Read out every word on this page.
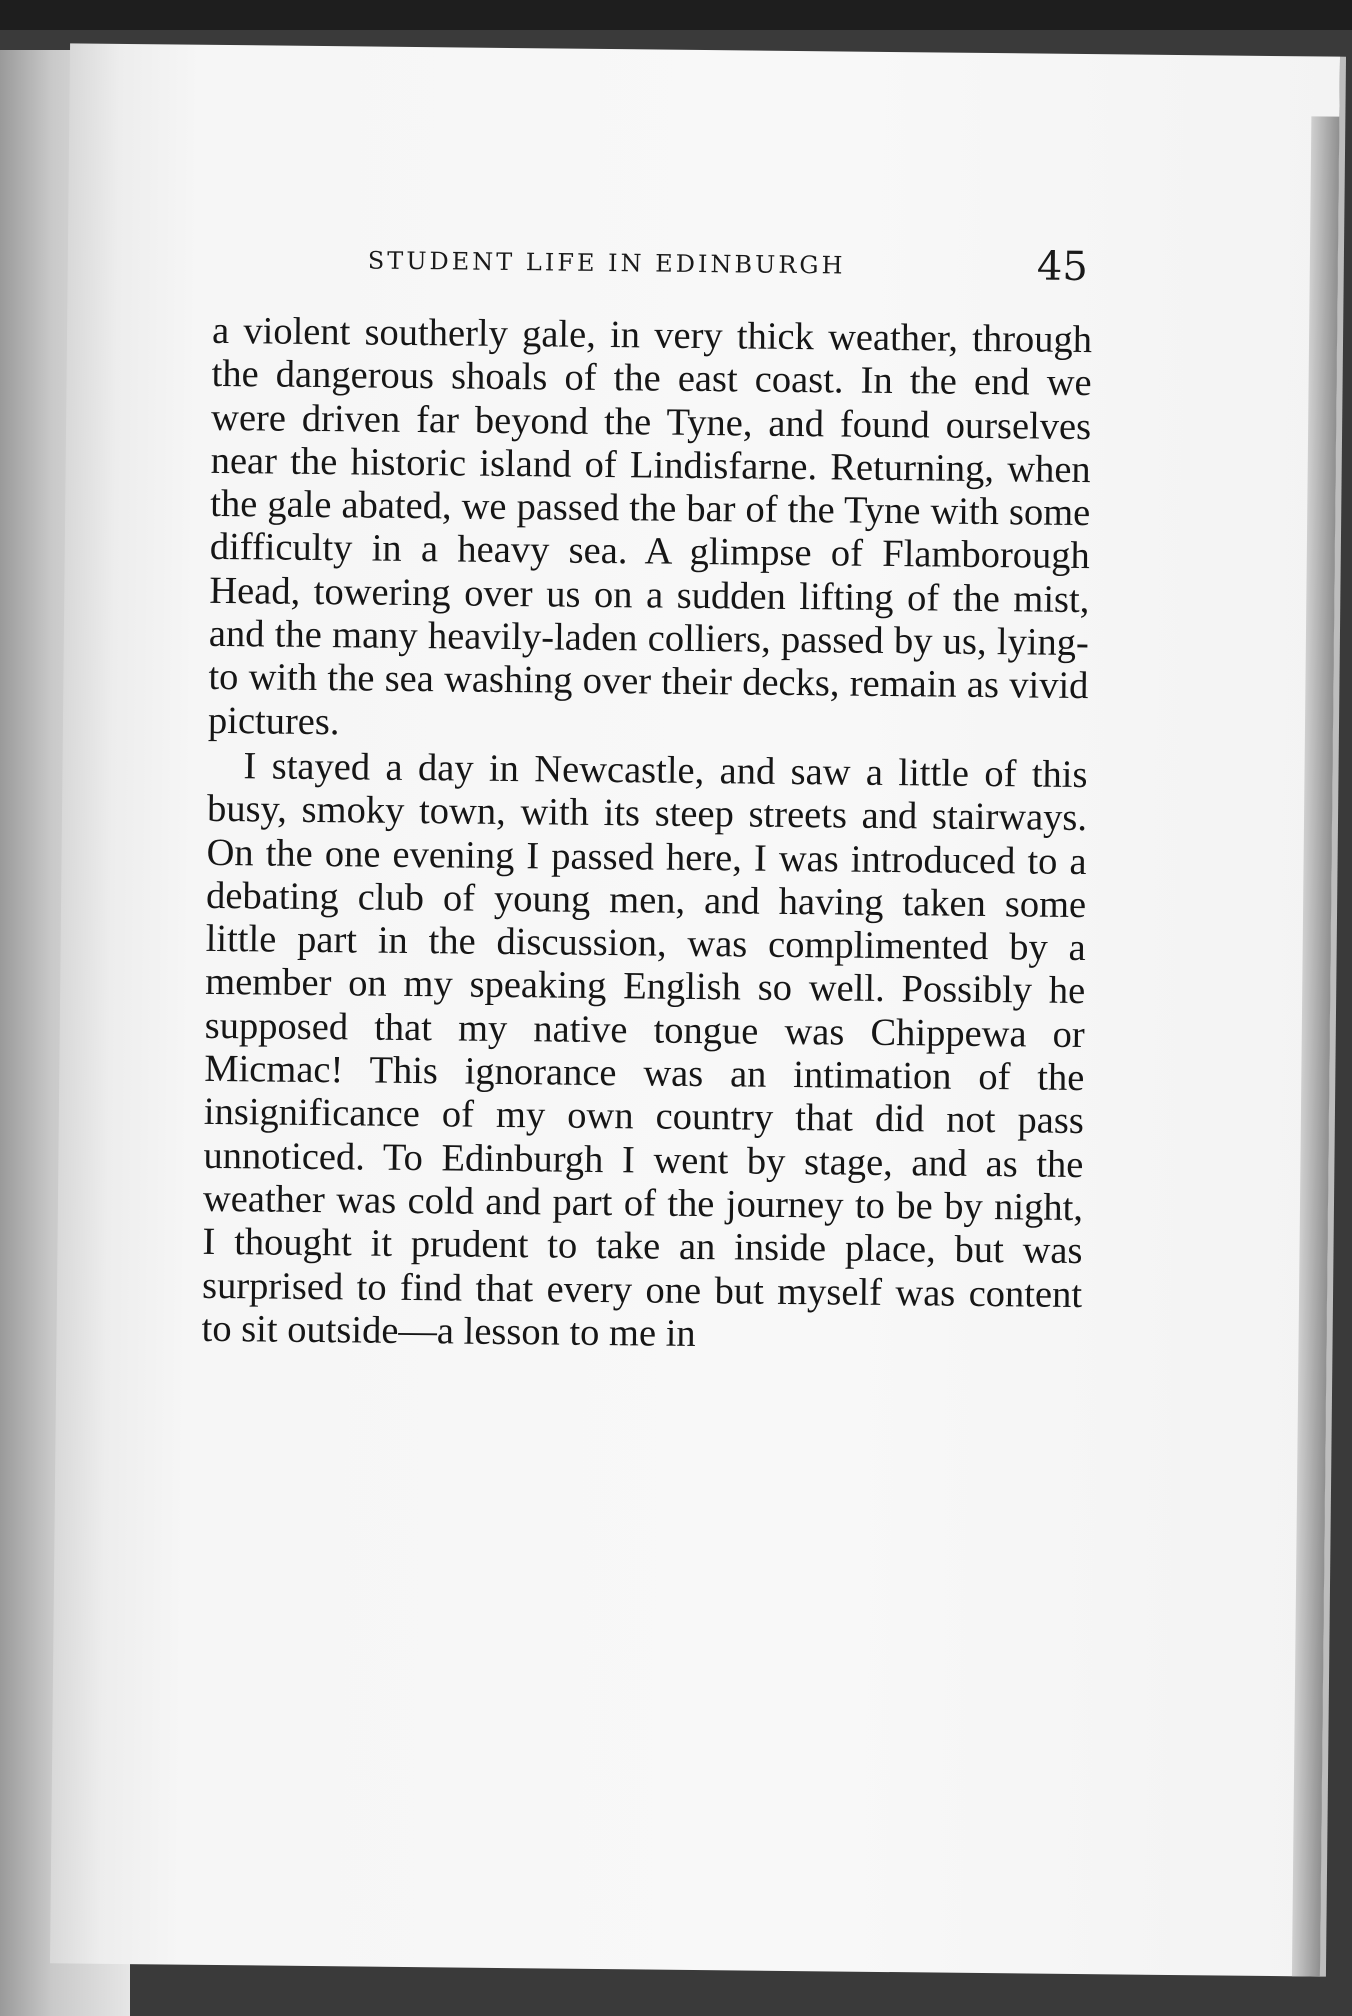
STUDENT LIFE IN EDINBURGH	45

a violent southerly gale, in very thick weather, through the dangerous shoals of the east coast. In the end we were driven far beyond the Tyne, and found ourselves near the historic island of Lindisfarne. Returning, when the gale abated, we passed the bar of the Tyne with some difficulty in a heavy sea. A glimpse of Flamborough Head, towering over us on a sudden lifting of the mist, and the many heavily-laden colliers, passed by us, lying-to with the sea washing over their decks, remain as vivid pictures.

I stayed a day in Newcastle, and saw a little of this busy, smoky town, with its steep streets and stairways. On the one evening I passed here, I was introduced to a debating club of young men, and having taken some little part in the discussion, was complimented by a member on my speaking English so well. Possibly he supposed that my native tongue was Chippewa or Micmac! This ignorance was an intimation of the insignificance of my own country that did not pass unnoticed. To Edinburgh I went by stage, and as the weather was cold and part of the journey to be by night, I thought it prudent to take an inside place, but was surprised to find that every one but myself was content to sit outside—a lesson to me in
